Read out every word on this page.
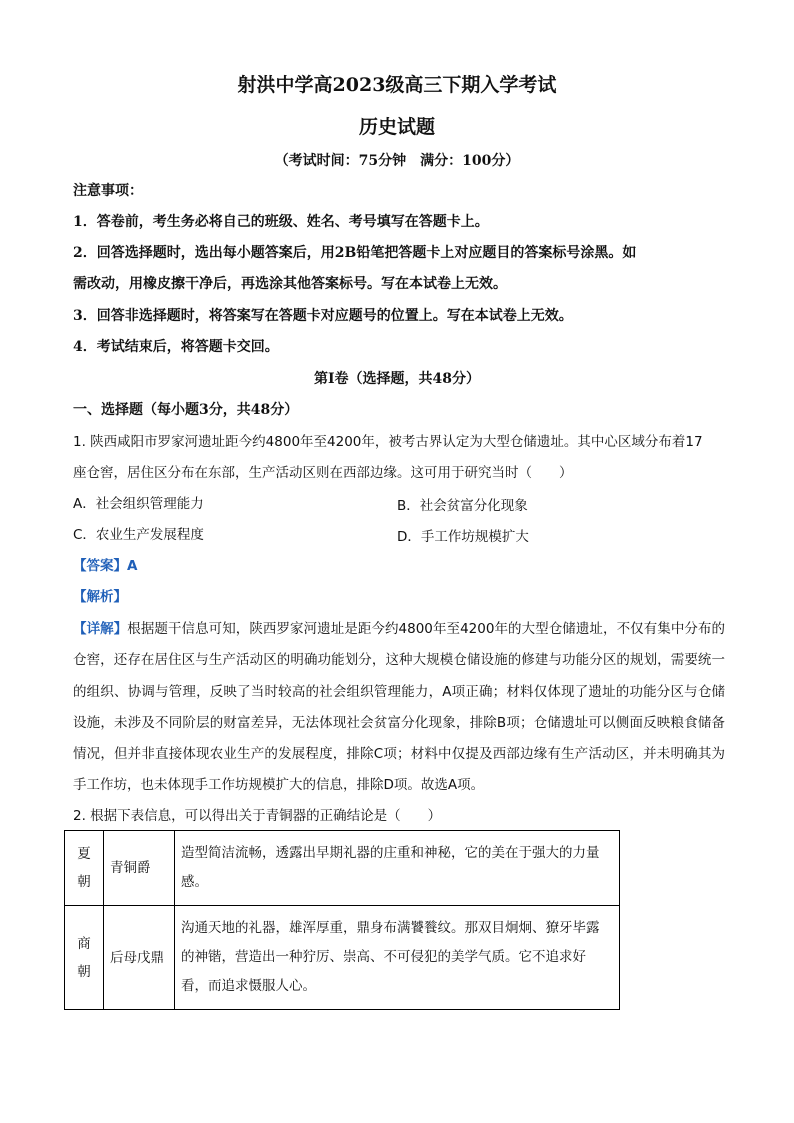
射洪中学高2023级高三下期入学考试
历史试题
（考试时间：75分钟　满分：100分）
注意事项：
1．答卷前，考生务必将自己的班级、姓名、考号填写在答题卡上。
2．回答选择题时，选出每小题答案后，用2B铅笔把答题卡上对应题目的答案标号涂黑。如
需改动，用橡皮擦干净后，再选涂其他答案标号。写在本试卷上无效。
3．回答非选择题时，将答案写在答题卡对应题号的位置上。写在本试卷上无效。
4．考试结束后，将答题卡交回。
第Ⅰ卷（选择题，共48分）
一、选择题（每小题3分，共48分）
1. 陕西咸阳市罗家河遗址距今约4800年至4200年，被考古界认定为大型仓储遗址。其中心区域分布着17
座仓窖，居住区分布在东部，生产活动区则在西部边缘。这可用于研究当时（　　）
A．社会组织管理能力	B．社会贫富分化现象
C．农业生产发展程度	D．手工作坊规模扩大
【答案】A
【解析】
【详解】根据题干信息可知，陕西罗家河遗址是距今约4800年至4200年的大型仓储遗址，不仅有集中分布的仓窖，还存在居住区与生产活动区的明确功能划分，这种大规模仓储设施的修建与功能分区的规划，需要统一的组织、协调与管理，反映了当时较高的社会组织管理能力，A项正确；材料仅体现了遗址的功能分区与仓储设施，未涉及不同阶层的财富差异，无法体现社会贫富分化现象，排除B项；仓储遗址可以侧面反映粮食储备情况，但并非直接体现农业生产的发展程度，排除C项；材料中仅提及西部边缘有生产活动区，并未明确其为手工作坊，也未体现手工作坊规模扩大的信息，排除D项。故选A项。
2. 根据下表信息，可以得出关于青铜器的正确结论是（　　）
夏
朝	青铜爵	造型简洁流畅，透露出早期礼器的庄重和神秘，它的美在于强大的力量感。
商
朝	后母戊鼎	沟通天地的礼器，雄浑厚重，鼎身布满饕餮纹。那双目炯炯、獠牙毕露的神锴，营造出一种狞厉、崇高、不可侵犯的美学气质。它不追求好看，而追求慑服人心。
